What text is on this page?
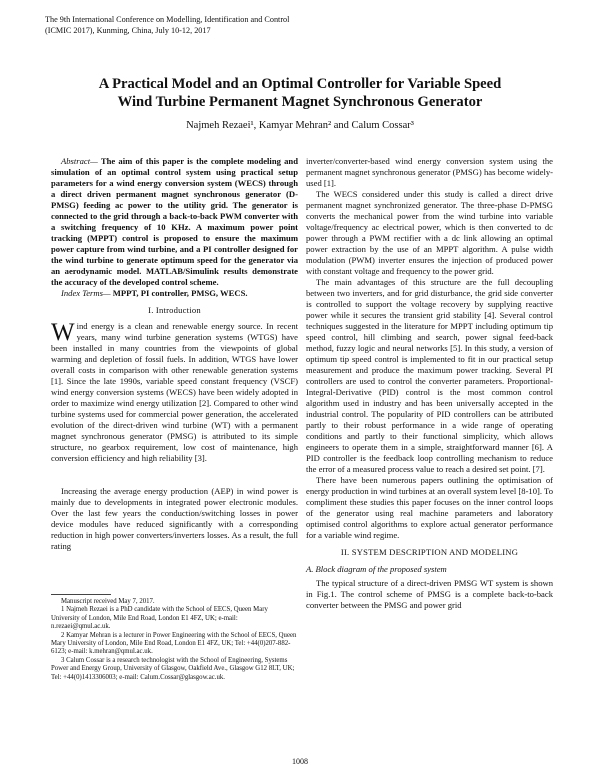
The 9th International Conference on Modelling, Identification and Control
(ICMIC 2017), Kunming, China, July 10-12, 2017
A Practical Model and an Optimal Controller for Variable Speed
Wind Turbine Permanent Magnet Synchronous Generator
Najmeh Rezaei¹, Kamyar Mehran² and Calum Cossar³

Abstract— The aim of this paper is the complete modeling and simulation of an optimal control system using practical setup parameters for a wind energy conversion system (WECS) through a direct driven permanent magnet synchronous generator (D-PMSG) feeding ac power to the utility grid. The generator is connected to the grid through a back-to-back PWM converter with a switching frequency of 10 KHz. A maximum power point tracking (MPPT) control is proposed to ensure the maximum power capture from wind turbine, and a PI controller designed for the wind turbine to generate optimum speed for the generator via an aerodynamic model. MATLAB/Simulink results demonstrate the accuracy of the developed control scheme.

Index Terms— MPPT, PI controller, PMSG, WECS.

I. Introduction

Wind energy is a clean and renewable energy source. In recent years, many wind turbine generation systems (WTGS) have been installed in many countries from the viewpoints of global warming and depletion of fossil fuels. In addition, WTGS have lower overall costs in comparison with other renewable generation systems [1]. Since the late 1990s, variable speed constant frequency (VSCF) wind energy conversion systems (WECS) have been widely adopted in order to maximize wind energy utilization [2]. Compared to other wind turbine systems used for commercial power generation, the accelerated evolution of the direct-driven wind turbine (WT) with a permanent magnet synchronous generator (PMSG) is attributed to its simple structure, no gearbox requirement, low cost of maintenance, high conversion efficiency and high reliability [3].

Increasing the average energy production (AEP) in wind power is mainly due to developments in integrated power electronic modules. Over the last few years the conduction/switching losses in power device modules have reduced significantly with a corresponding reduction in high power converters/inverters losses. As a result, the full rating

Manuscript received May 7, 2017.

1 Najmeh Rezaei is a PhD candidate with the School of EECS, Queen Mary University of London, Mile End Road, London E1 4FZ, UK; e-mail: n.rezaei@qmul.ac.uk.

2 Kamyar Mehran is a lecturer in Power Engineering with the School of EECS, Queen Mary University of London, Mile End Road, London E1 4FZ, UK; Tel: +44(0)207-882-6123; e-mail: k.mehran@qmul.ac.uk.

3 Calum Cossar is a research technologist with the School of Engineering, Systems Power and Energy Group, University of Glasgow, Oakfield Ave., Glasgow G12 8LT, UK; Tel: +44(0)1413306003; e-mail: Calum.Cossar@glasgow.ac.uk.

inverter/converter-based wind energy conversion system using the permanent magnet synchronous generator (PMSG) has become widely-used [1].

The WECS considered under this study is called a direct drive permanent magnet synchronized generator. The three-phase D-PMSG converts the mechanical power from the wind turbine into variable voltage/frequency ac electrical power, which is then converted to dc power through a PWM rectifier with a dc link allowing an optimal power extraction by the use of an MPPT algorithm. A pulse width modulation (PWM) inverter ensures the injection of produced power with constant voltage and frequency to the power grid.

The main advantages of this structure are the full decoupling between two inverters, and for grid disturbance, the grid side converter is controlled to support the voltage recovery by supplying reactive power while it secures the transient grid stability [4]. Several control techniques suggested in the literature for MPPT including optimum tip speed control, hill climbing and search, power signal feed-back method, fuzzy logic and neural networks [5]. In this study, a version of optimum tip speed control is implemented to fit in our practical setup measurement and produce the maximum power tracking. Several PI controllers are used to control the converter parameters. Proportional-Integral-Derivative (PID) control is the most common control algorithm used in industry and has been universally accepted in the industrial control. The popularity of PID controllers can be attributed partly to their robust performance in a wide range of operating conditions and partly to their functional simplicity, which allows engineers to operate them in a simple, straightforward manner [6]. A PID controller is the feedback loop controlling mechanism to reduce the error of a measured process value to reach a desired set point. [7].

There have been numerous papers outlining the optimisation of energy production in wind turbines at an overall system level [8-10]. To compliment these studies this paper focuses on the inner control loops of the generator using real machine parameters and laboratory optimised control algorithms to explore actual generator performance for a variable wind regime.

II. SYSTEM DESCRIPTION AND MODELING

A. Block diagram of the proposed system

The typical structure of a direct-driven PMSG WT system is shown in Fig.1. The control scheme of PMSG is a complete back-to-back converter between the PMSG and power grid

1008
